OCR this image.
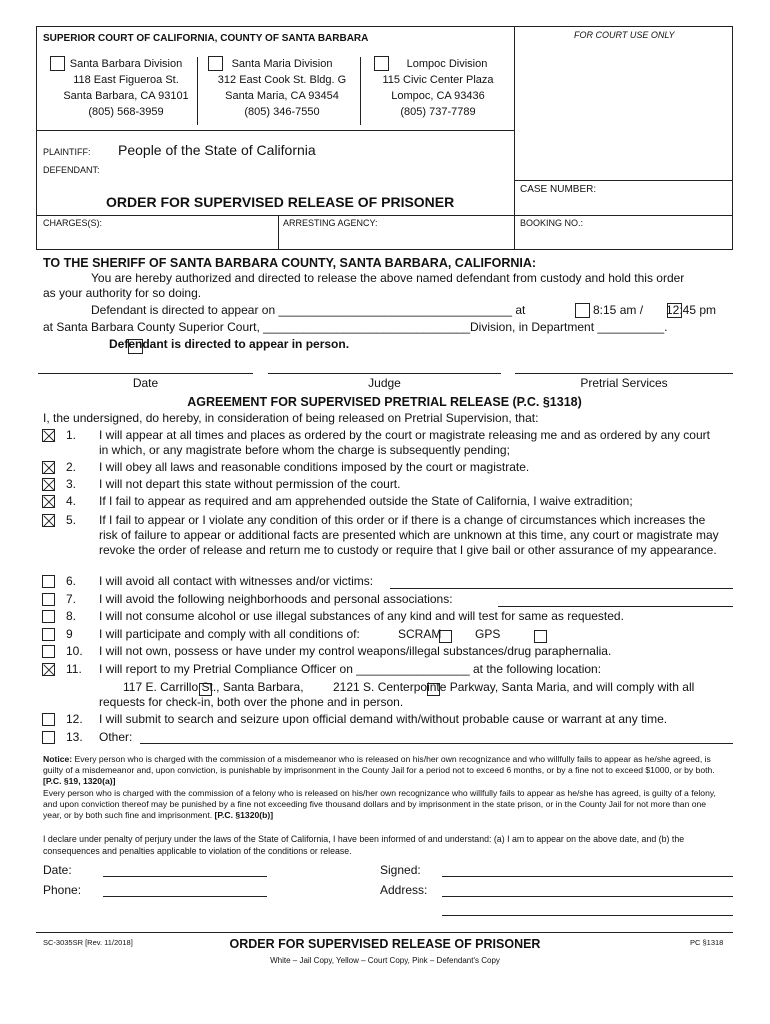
SUPERIOR COURT OF CALIFORNIA, COUNTY OF SANTA BARBARA	FOR COURT USE ONLY
Santa Barbara Division
118 East Figueroa St.
Santa Barbara, CA 93101
(805) 568-3959
Santa Maria Division
312 East Cook St. Bldg. G
Santa Maria, CA 93454
(805) 346-7550
Lompoc Division
115 Civic Center Plaza
Lompoc, CA 93436
(805) 737-7789
PLAINTIFF: People of the State of California
DEFENDANT:
ORDER FOR SUPERVISED RELEASE OF PRISONER
CASE NUMBER:
CHARGES(S):	ARRESTING AGENCY:	BOOKING NO.:
TO THE SHERIFF OF SANTA BARBARA COUNTY, SANTA BARBARA, CALIFORNIA:
You are hereby authorized and directed to release the above named defendant from custody and hold this order
as your authority for so doing.
Defendant is directed to appear on ___________________________________ at
	8:15 am /
12:45 pm
at Santa Barbara County Superior Court, _______________________________Division, in Department __________.

Defendant is directed to appear in person.
Date	Judge	Pretrial Services
AGREEMENT FOR SUPERVISED PRETRIAL RELEASE (P.C. §1318)
I, the undersigned, do hereby, in consideration of being released on Pretrial Supervision, that:
1. I will appear at all times and places as ordered by the court or magistrate releasing me and as ordered by any court in which, or any magistrate before whom the charge is subsequently pending;
2. I will obey all laws and reasonable conditions imposed by the court or magistrate.
3. I will not depart this state without permission of the court.
4. If I fail to appear as required and am apprehended outside the State of California, I waive extradition;
5. If I fail to appear or I violate any condition of this order or if there is a change of circumstances which increases the risk of failure to appear or additional facts are presented which are unknown at this time, any court or magistrate may revoke the order of release and return me to custody or require that I give bail or other assurance of my appearance.
6. I will avoid all contact with witnesses and/or victims:
7. I will avoid the following neighborhoods and personal associations:
8. I will not consume alcohol or use illegal substances of any kind and will test for same as requested.
9 I will participate and comply with all conditions of:
	SCRAM
	GPS
10. I will not own, possess or have under my control weapons/illegal substances/drug paraphernalia.
11. I will report to my Pretrial Compliance Officer on _________________ at the following location:

117 E. Carrillo St., Santa Barbara, 2121 S. Centerpointe Parkway, Santa Maria, and will comply with all
requests for check-in, both over the phone and in person.
12. I will submit to search and seizure upon official demand with/without probable cause or warrant at any time.
13. Other:
Notice: Every person who is charged with the commission of a misdemeanor who is released on his/her own recognizance and who willfully fails to appear as he/she agreed, is guilty of a misdemeanor and, upon conviction, is punishable by imprisonment in the County Jail for a period not to exceed 6 months, or by a fine not to exceed $1000, or by both. [P.C. §19, 1320(a)]
Every person who is charged with the commission of a felony who is released on his/her own recognizance who willfully fails to appear as he/she has agreed, is guilty of a felony, and upon conviction thereof may be punished by a fine not exceeding five thousand dollars and by imprisonment in the state prison, or in the County Jail for not more than one year, or by both such fine and imprisonment. [P.C. §1320(b)]
I declare under penalty of perjury under the laws of the State of California, I have been informed of and understand: (a) I am to appear on the above date, and (b) the consequences and penalties applicable to violation of the conditions or release.
Date:
Phone:
Signed:
Address:
SC-3035SR [Rev. 11/2018]	ORDER FOR SUPERVISED RELEASE OF PRISONER	PC §1318
White – Jail Copy, Yellow – Court Copy, Pink – Defendant's Copy
